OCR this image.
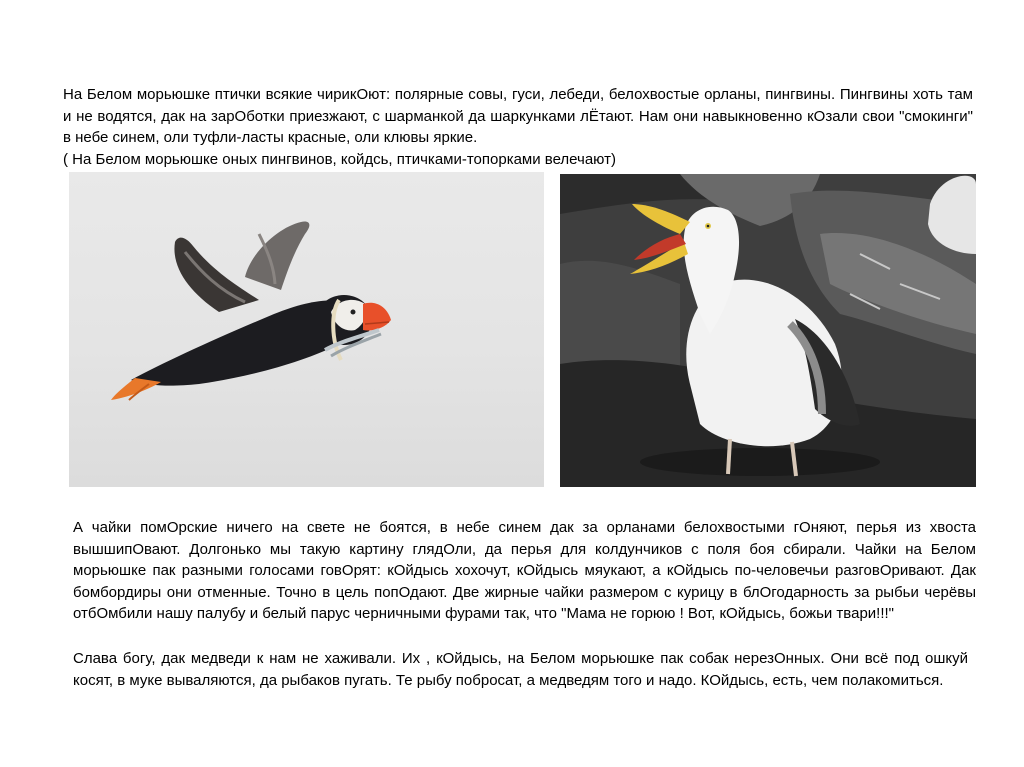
На Белом морьюшке птички всякие чирикОют: полярные совы, гуси, лебеди, белохвостые орланы, пингвины. Пингвины хоть там и не водятся, дак на зарОботки приезжают, с шарманкой да шаркунками лЁтают. Нам они навыкновенно кОзали свои "смокинги" в небе синем, оли туфли-ласты красные, оли клювы яркие.
( На Белом морьюшке оных пингвинов, койдсь, птичками-топорками велечают)

А чайки помОрские ничего на свете не боятся, в небе синем дак за орланами белохвостыми гОняют, перья из хвоста вышшипОвают. Долгонько мы такую картину глядОли, да перья для колдунчиков с поля боя сбирали. Чайки на Белом морьюшке пак разными голосами говОрят: кОйдысь хохочут, кОйдысь мяукают, а кОйдысь по-человечьи разговОривают. Дак бомбордиры они отменные. Точно в цель попОдают. Две жирные чайки размером с курицу в блОгодарность за рыбьи черёвы отбОмбили нашу палубу и белый парус черничными фурами так, что "Мама не горюю ! Вот, кОйдысь, божьи твари!!!"

Слава богу, дак медведи к нам не хаживали. Их , кОйдысь, на Белом морьюшке пак собак нерезОнных. Они всё под ошкуй косят, в муке вываляются, да рыбаков пугать. Те рыбу побросат, а медведям того и надо. КОйдысь, есть, чем полакомиться.
